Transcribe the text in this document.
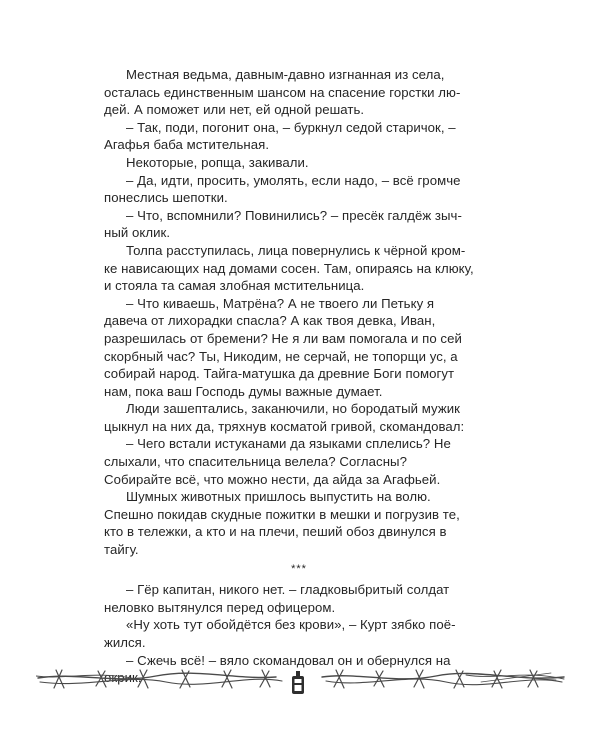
Местная ведьма, давным-давно изгнанная из села,
осталась единственным шансом на спасение горстки лю-
дей. А поможет или нет, ей одной решать.

– Так, поди, погонит она, – буркнул седой старичок, –
Агафья баба мстительная.

Некоторые, ропща, закивали.

– Да, идти, просить, умолять, если надо, – всё громче
понеслись шепотки.

– Что, вспомнили? Повинились? – пресёк галдёж зыч-
ный оклик.

Толпа расступилась, лица повернулись к чёрной кром-
ке нависающих над домами сосен. Там, опираясь на клюку,
и стояла та самая злобная мстительница.

– Что киваешь, Матрёна? А не твоего ли Петьку я
давеча от лихорадки спасла? А как твоя девка, Иван,
разрешилась от бремени? Не я ли вам помогала и по сей
скорбный час? Ты, Никодим, не серчай, не топорщи ус, а
собирай народ. Тайга-матушка да древние Боги помогут
нам, пока ваш Господь думы важные думает.

Люди зашептались, заканючили, но бородатый мужик
цыкнул на них да, тряхнув косматой гривой, скомандовал:

– Чего встали истуканами да языками сплелись? Не
слыхали, что спасительница велела? Согласны?
Собирайте всё, что можно нести, да айда за Агафьей.

Шумных животных пришлось выпустить на волю.
Спешно покидав скудные пожитки в мешки и погрузив те,
кто в тележки, а кто и на плечи, пеший обоз двинулся в
тайгу.

***

– Гёр капитан, никого нет. – гладковыбритый солдат
неловко вытянулся перед офицером.

«Ну хоть тут обойдётся без крови», – Курт зябко поё-
жился.

– Сжечь всё! – вяло скомандовал он и обернулся на
окрик.
